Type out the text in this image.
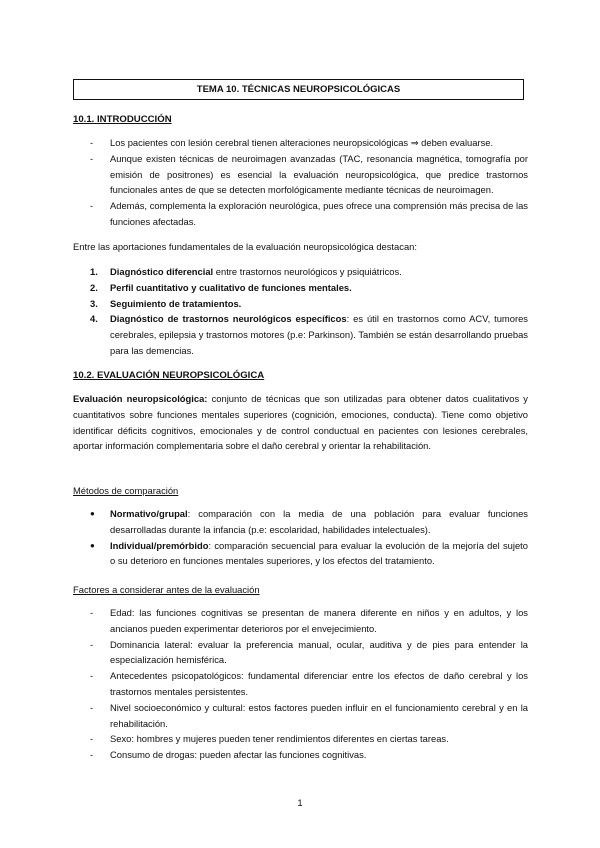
TEMA 10. TÉCNICAS NEUROPSICOLÓGICAS
10.1. INTRODUCCIÓN
- Los pacientes con lesión cerebral tienen alteraciones neuropsicológicas ⇒ deben evaluarse.
- Aunque existen técnicas de neuroimagen avanzadas (TAC, resonancia magnética, tomografía por emisión de positrones) es esencial la evaluación neuropsicológica, que predice trastornos funcionales antes de que se detecten morfológicamente mediante técnicas de neuroimagen.
- Además, complementa la exploración neurológica, pues ofrece una comprensión más precisa de las funciones afectadas.
Entre las aportaciones fundamentales de la evaluación neuropsicológica destacan:
1. Diagnóstico diferencial entre trastornos neurológicos y psiquiátricos.
2. Perfil cuantitativo y cualitativo de funciones mentales.
3. Seguimiento de tratamientos.
4. Diagnóstico de trastornos neurológicos específicos: es útil en trastornos como ACV, tumores cerebrales, epilepsia y trastornos motores (p.e: Parkinson). También se están desarrollando pruebas para las demencias.
10.2. EVALUACIÓN NEUROPSICOLÓGICA
Evaluación neuropsicológica: conjunto de técnicas que son utilizadas para obtener datos cualitativos y cuantitativos sobre funciones mentales superiores (cognición, emociones, conducta). Tiene como objetivo identificar déficits cognitivos, emocionales y de control conductual en pacientes con lesiones cerebrales, aportar información complementaria sobre el daño cerebral y orientar la rehabilitación.
Métodos de comparación
● Normativo/grupal: comparación con la media de una población para evaluar funciones desarrolladas durante la infancia (p.e: escolaridad, habilidades intelectuales).
● Individual/premórbido: comparación secuencial para evaluar la evolución de la mejoría del sujeto o su deterioro en funciones mentales superiores, y los efectos del tratamiento.
Factores a considerar antes de la evaluación
- Edad: las funciones cognitivas se presentan de manera diferente en niños y en adultos, y los ancianos pueden experimentar deterioros por el envejecimiento.
- Dominancia lateral: evaluar la preferencia manual, ocular, auditiva y de pies para entender la especialización hemisférica.
- Antecedentes psicopatológicos: fundamental diferenciar entre los efectos de daño cerebral y los trastornos mentales persistentes.
- Nivel socioeconómico y cultural: estos factores pueden influir en el funcionamiento cerebral y en la rehabilitación.
- Sexo: hombres y mujeres pueden tener rendimientos diferentes en ciertas tareas.
- Consumo de drogas: pueden afectar las funciones cognitivas.
1
